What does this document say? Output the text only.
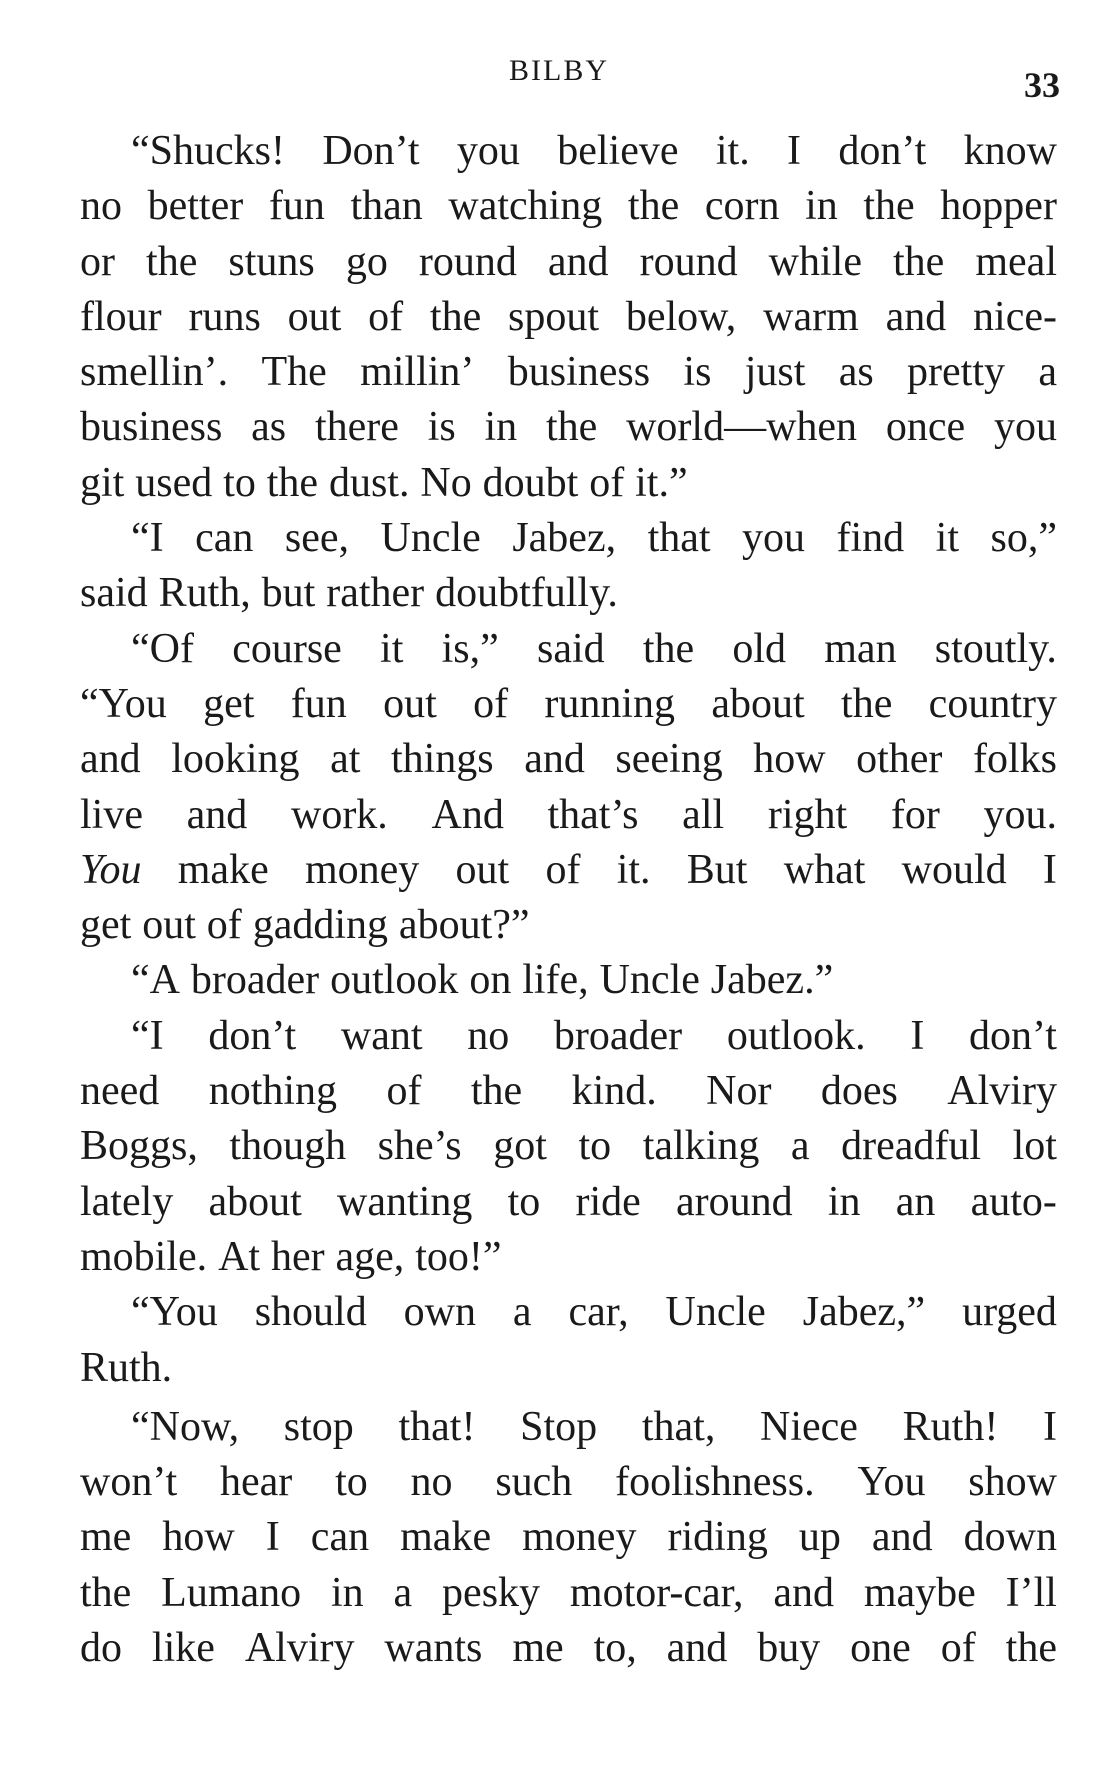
BILBY	33
“Shucks! Don’t you believe it. I don’t know
no better fun than watching the corn in the hopper
or the stuns go round and round while the meal
flour runs out of the spout below, warm and nice-
smellin’. The millin’ business is just as pretty a
business as there is in the world—when once you
git used to the dust. No doubt of it.”
“I can see, Uncle Jabez, that you find it so,”
said Ruth, but rather doubtfully.
“Of course it is,” said the old man stoutly.
“You get fun out of running about the country
and looking at things and seeing how other folks
live and work. And that’s all right for you.
You make money out of it. But what would I
get out of gadding about?”
“A broader outlook on life, Uncle Jabez.”
“I don’t want no broader outlook. I don’t
need nothing of the kind. Nor does Alviry
Boggs, though she’s got to talking a dreadful lot
lately about wanting to ride around in an auto-
mobile. At her age, too!”
“You should own a car, Uncle Jabez,” urged
Ruth.
“Now, stop that! Stop that, Niece Ruth! I
won’t hear to no such foolishness. You show
me how I can make money riding up and down
the Lumano in a pesky motor-car, and maybe I’ll
do like Alviry wants me to, and buy one of the
